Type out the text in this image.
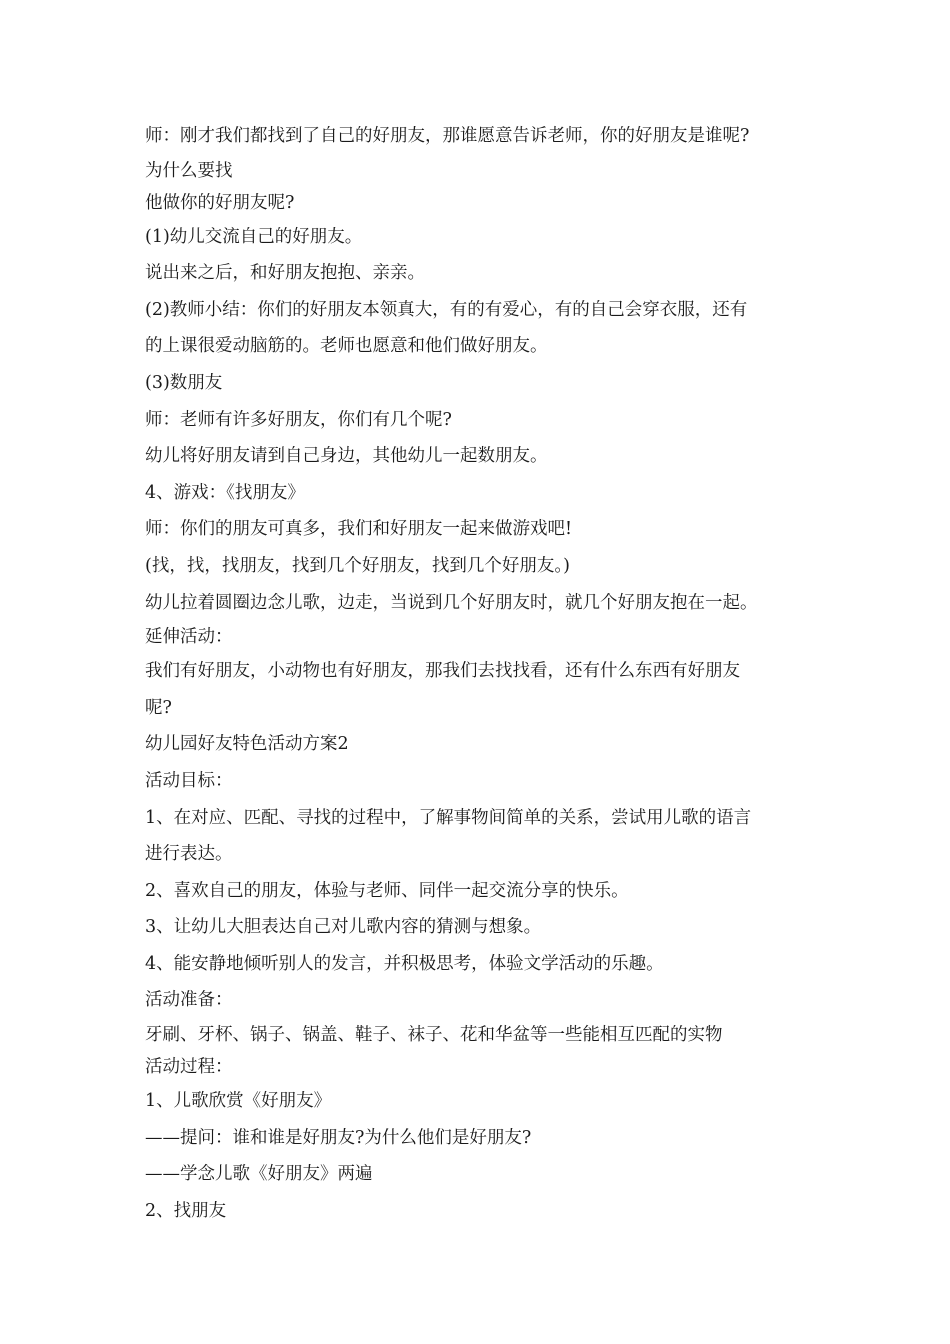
师：刚才我们都找到了自己的好朋友，那谁愿意告诉老师，你的好朋友是谁呢?
为什么要找
他做你的好朋友呢?
(1)幼儿交流自己的好朋友。
说出来之后，和好朋友抱抱、亲亲。
(2)教师小结：你们的好朋友本领真大，有的有爱心，有的自己会穿衣服，还有
的上课很爱动脑筋的。老师也愿意和他们做好朋友。
(3)数朋友
师：老师有许多好朋友，你们有几个呢?
幼儿将好朋友请到自己身边，其他幼儿一起数朋友。
4、游戏：《找朋友》
师：你们的朋友可真多，我们和好朋友一起来做游戏吧!
(找，找，找朋友，找到几个好朋友，找到几个好朋友。)
幼儿拉着圆圈边念儿歌，边走，当说到几个好朋友时，就几个好朋友抱在一起。
延伸活动：
我们有好朋友，小动物也有好朋友，那我们去找找看，还有什么东西有好朋友
呢?
幼儿园好友特色活动方案2
活动目标：
1、在对应、匹配、寻找的过程中，了解事物间简单的关系，尝试用儿歌的语言
进行表达。
2、喜欢自己的朋友，体验与老师、同伴一起交流分享的快乐。
3、让幼儿大胆表达自己对儿歌内容的猜测与想象。
4、能安静地倾听别人的发言，并积极思考，体验文学活动的乐趣。
活动准备：
牙刷、牙杯、锅子、锅盖、鞋子、袜子、花和华盆等一些能相互匹配的实物
活动过程：
1、儿歌欣赏《好朋友》
——提问：谁和谁是好朋友?为什么他们是好朋友?
——学念儿歌《好朋友》两遍
2、找朋友
